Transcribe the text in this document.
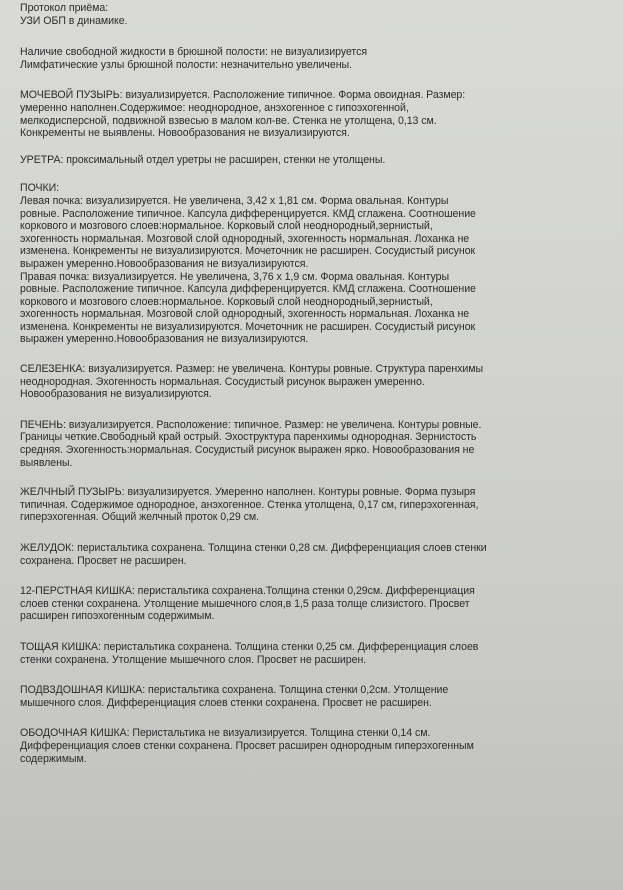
Протокол приёма:
УЗИ ОБП в динамике.
Наличие свободной жидкости в брюшной полости: не визуализируется
Лимфатические узлы брюшной полости: незначительно увеличены.
МОЧЕВОЙ ПУЗЫРЬ: визуализируется. Расположение типичное. Форма овоидная. Размер:
умеренно наполнен.Содержимое: неоднородное, анэхогенное с гипоэхогенной,
мелкодисперсной, подвижной взвесью в малом кол-ве. Стенка не утолщена, 0,13 см.
Конкременты не выявлены. Новообразования не визуализируются.
УРЕТРА: проксимальный отдел уретры не расширен, стенки не утолщены.
ПОЧКИ:
Левая почка: визуализируется. Не увеличена, 3,42 х 1,81 см. Форма овальная. Контуры
ровные. Расположение типичное. Капсула дифференцируется. КМД сглажена. Соотношение
коркового и мозгового слоев:нормальное. Корковый слой неоднородный,зернистый,
эхогенность нормальная. Мозговой слой однородный, эхогенность нормальная. Лоханка не
изменена. Конкременты не визуализируются. Мочеточник не расширен. Сосудистый рисунок
выражен умеренно.Новообразования не визуализируются.
Правая почка: визуализируется. Не увеличена, 3,76 х 1,9 см. Форма овальная. Контуры
ровные. Расположение типичное. Капсула дифференцируется. КМД сглажена. Соотношение
коркового и мозгового слоев:нормальное. Корковый слой неоднородный,зернистый,
эхогенность нормальная. Мозговой слой однородный, эхогенность нормальная. Лоханка не
изменена. Конкременты не визуализируются. Мочеточник не расширен. Сосудистый рисунок
выражен умеренно.Новообразования не визуализируются.
СЕЛЕЗЕНКА: визуализируется. Размер: не увеличена. Контуры ровные. Структура паренхимы
неоднородная. Эхогенность нормальная. Сосудистый рисунок выражен умеренно.
Новообразования не визуализируются.
ПЕЧЕНЬ: визуализируется. Расположение: типичное. Размер: не увеличена. Контуры ровные.
Границы четкие.Свободный край острый. Эхоструктура паренхимы однородная. Зернистость
средняя. Эхогенность:нормальная. Сосудистый рисунок выражен ярко. Новообразования не
выявлены.
ЖЕЛЧНЫЙ ПУЗЫРЬ: визуализируется. Умеренно наполнен. Контуры ровные. Форма пузыря
типичная. Содержимое однородное, анэхогенное. Стенка утолщена, 0,17 см, гиперэхогенная,
гиперэхогенная. Общий желчный проток 0,29 см.
ЖЕЛУДОК: перистальтика сохранена. Толщина стенки 0,28 см. Дифференциация слоев стенки
сохранена. Просвет не расширен.
12-ПЕРСТНАЯ КИШКА: перистальтика сохранена.Толщина стенки 0,29см. Дифференциация
слоев стенки сохранена. Утолщение мышечного слоя,в 1,5 раза толще слизистого. Просвет
расширен гипоэхогенным содержимым.
ТОЩАЯ КИШКА: перистальтика сохранена. Толщина стенки 0,25 см. Дифференциация слоев
стенки сохранена. Утолщение мышечного слоя. Просвет не расширен.
ПОДВЗДОШНАЯ КИШКА: перистальтика сохранена. Толщина стенки 0,2см. Утолщение
мышечного слоя. Дифференциация слоев стенки сохранена. Просвет не расширен.
ОБОДОЧНАЯ КИШКА: Перистальтика не визуализируется. Толщина стенки 0,14 см.
Дифференциация слоев стенки сохранена. Просвет расширен однородным гиперэхогенным
содержимым.
